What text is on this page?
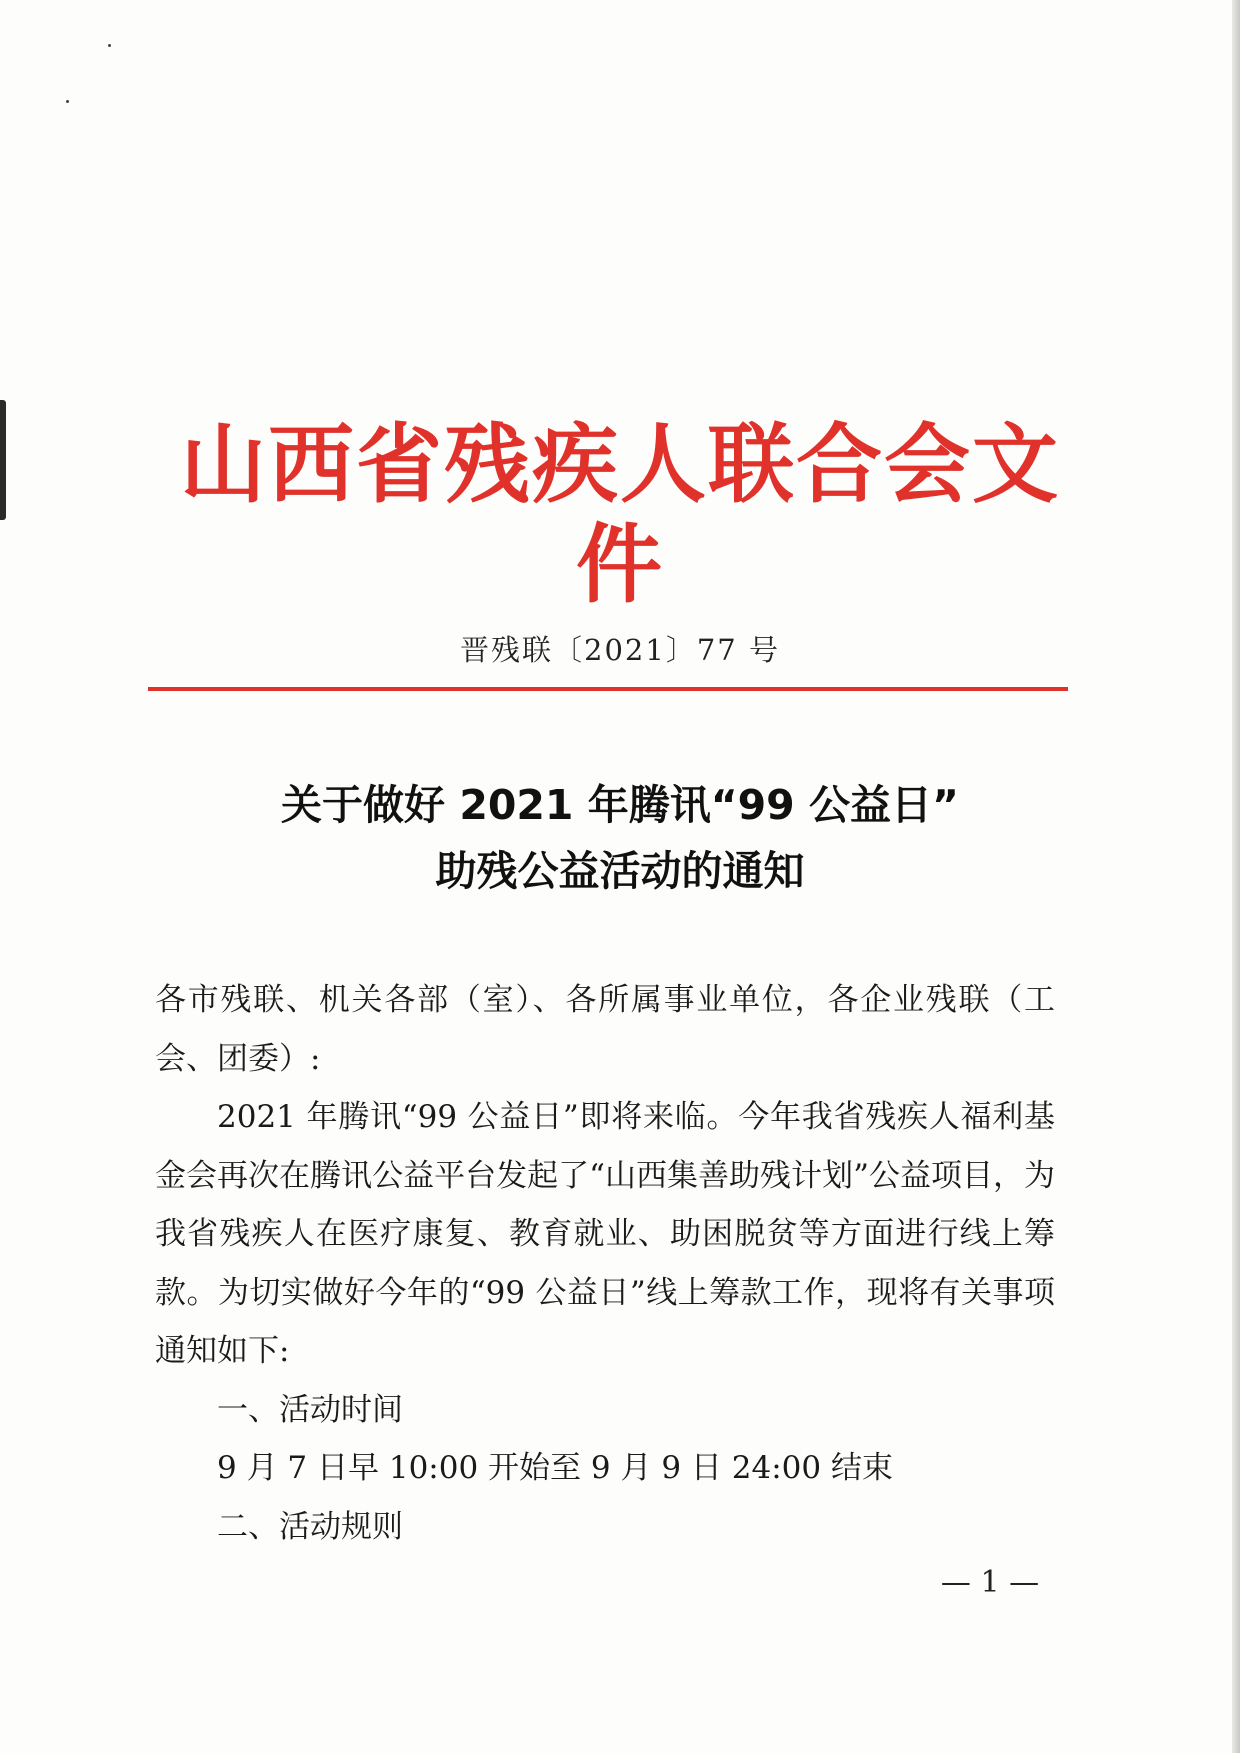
山西省残疾人联合会文件
晋残联〔2021〕77 号
关于做好 2021 年腾讯“99 公益日”
助残公益活动的通知

各市残联、机关各部（室）、各所属事业单位，各企业残联（工会、团委）:

2021 年腾讯“99 公益日”即将来临。今年我省残疾人福利基金会再次在腾讯公益平台发起了“山西集善助残计划”公益项目，为我省残疾人在医疗康复、教育就业、助困脱贫等方面进行线上筹款。为切实做好今年的“99 公益日”线上筹款工作，现将有关事项通知如下:

一、活动时间

9 月 7 日早 10:00 开始至 9 月 9 日 24:00 结束

二、活动规则

— 1 —
